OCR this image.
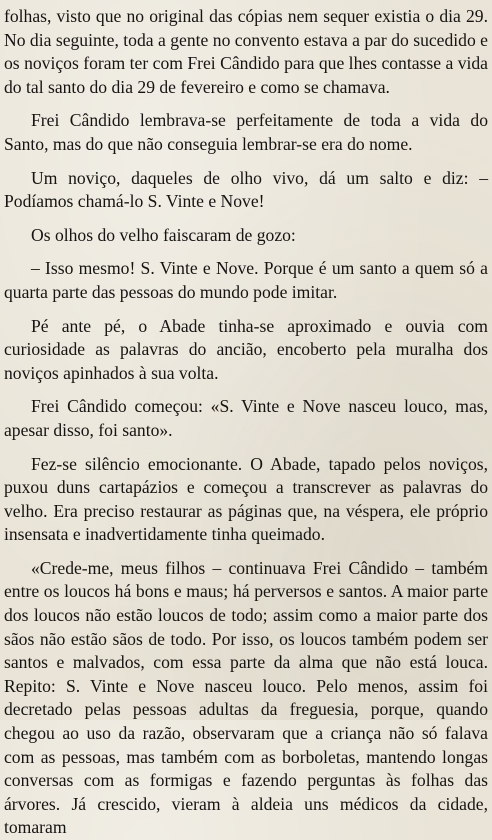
folhas, visto que no original das cópias nem sequer existia o dia 29. No dia seguinte, toda a gente no convento estava a par do sucedido e os noviços foram ter com Frei Cândido para que lhes contasse a vida do tal santo do dia 29 de fevereiro e como se chamava.

Frei Cândido lembrava-se perfeitamente de toda a vida do Santo, mas do que não conseguia lembrar-se era do nome.

Um noviço, daqueles de olho vivo, dá um salto e diz: – Podíamos chamá-lo S. Vinte e Nove!

Os olhos do velho faiscaram de gozo:

– Isso mesmo! S. Vinte e Nove. Porque é um santo a quem só a quarta parte das pessoas do mundo pode imitar.

Pé ante pé, o Abade tinha-se aproximado e ouvia com curiosidade as palavras do ancião, encoberto pela muralha dos noviços apinhados à sua volta.

Frei Cândido começou: «S. Vinte e Nove nasceu louco, mas, apesar disso, foi santo».

Fez-se silêncio emocionante. O Abade, tapado pelos noviços, puxou duns cartapázios e começou a transcrever as palavras do velho. Era preciso restaurar as páginas que, na véspera, ele próprio insensata e inadvertidamente tinha queimado.

«Crede-me, meus filhos – continuava Frei Cândido – também entre os loucos há bons e maus; há perversos e santos. A maior parte dos loucos não estão loucos de todo; assim como a maior parte dos sãos não estão sãos de todo. Por isso, os loucos também podem ser santos e malvados, com essa parte da alma que não está louca. Repito: S. Vinte e Nove nasceu louco. Pelo menos, assim foi decretado pelas pessoas adultas da freguesia, porque, quando chegou ao uso da razão, observaram que a criança não só falava com as pessoas, mas também com as borboletas, mantendo longas conversas com as formigas e fazendo perguntas às folhas das árvores. Já crescido, vieram à aldeia uns médicos da cidade, tomaram
